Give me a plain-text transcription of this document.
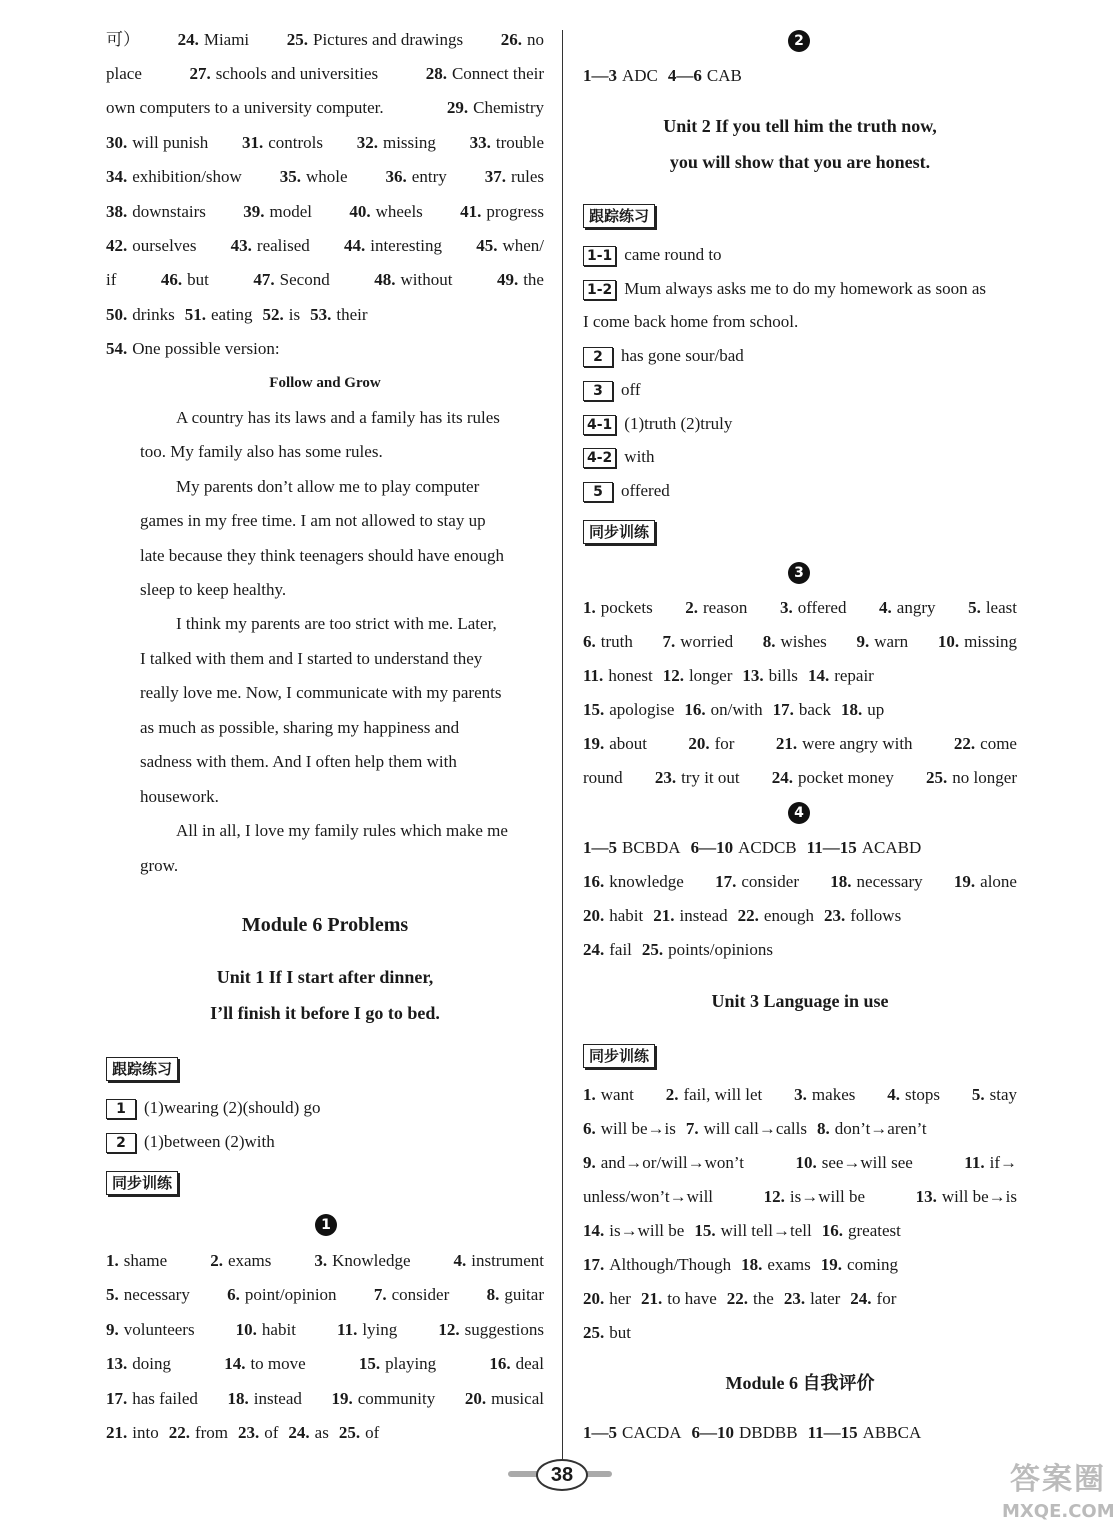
可） 24. Miami 25. Pictures and drawings 26. no
place	27. schools and universities	28. Connect their
own computers to a university computer.	29. Chemistry
30. will punish 31. controls 32. missing 33. trouble
34. exhibition/show 35. whole 36. entry 37. rules
38. downstairs 39. model 40. wheels 41. progress
42. ourselves 43. realised 44. interesting 45. when/
if	46. but	47. Second	48. without	49. the
50. drinks 51. eating 52. is 53. their
54. One possible version:
Follow and Grow
A country has its laws and a family has its rules
too. My family also has some rules.
My parents don’t allow me to play computer
games in my free time. I am not allowed to stay up
late because they think teenagers should have enough
sleep to keep healthy.
I think my parents are too strict with me. Later,
I talked with them and I started to understand they
really love me. Now, I communicate with my parents
as much as possible, sharing my happiness and
sadness with them. And I often help them with
housework.
All in all, I love my family rules which make me
grow.
Module 6 Problems
Unit 1 If I start after dinner,
I’ll finish it before I go to bed.
跟踪练习
1 (1)wearing (2)(should) go
2 (1)between (2)with
同步训练
1
1. shame	2. exams	3. Knowledge	4. instrument
5. necessary 6. point/opinion 7. consider 8. guitar
9. volunteers 10. habit 11. lying 12. suggestions
13. doing	14. to move	15. playing	16. deal
17. has failed 18. instead 19. community 20. musical
21. into 22. from 23. of 24. as 25. of
2
1—3 ADC 4—6 CAB
Unit 2 If you tell him the truth now,
you will show that you are honest.
跟踪练习
1-1 came round to
1-2 Mum always asks me to do my homework as soon as
I come back home from school.
2 has gone sour/bad
3 off
4-1 (1)truth (2)truly
4-2 with
5 offered
同步训练
3
1. pockets 2. reason 3. offered 4. angry 5. least
6. truth 7. worried 8. wishes 9. warn 10. missing
11. honest 12. longer 13. bills 14. repair
15. apologise 16. on/with 17. back 18. up
19. about 20. for 21. were angry with 22. come
round 23. try it out 24. pocket money 25. no longer
4
1—5 BCBDA 6—10 ACDCB 11—15 ACABD
16. knowledge 17. consider 18. necessary 19. alone
20. habit 21. instead 22. enough 23. follows
24. fail 25. points/opinions
Unit 3 Language in use
同步训练
1. want 2. fail, will let 3. makes 4. stops 5. stay
6. will be→is 7. will call→calls 8. don’t→aren’t
9. and→or/will→won’t	10. see→will see	11. if→
unless/won’t→will	12. is→will be	13. will be→is
14. is→will be 15. will tell→tell 16. greatest
17. Although/Though 18. exams 19. coming
20. her 21. to have 22. the 23. later 24. for
25. but
Module 6 自我评价
1—5 CACDA 6—10 DBDBB 11—15 ABBCA
38	答案圈
MXQE.COM
